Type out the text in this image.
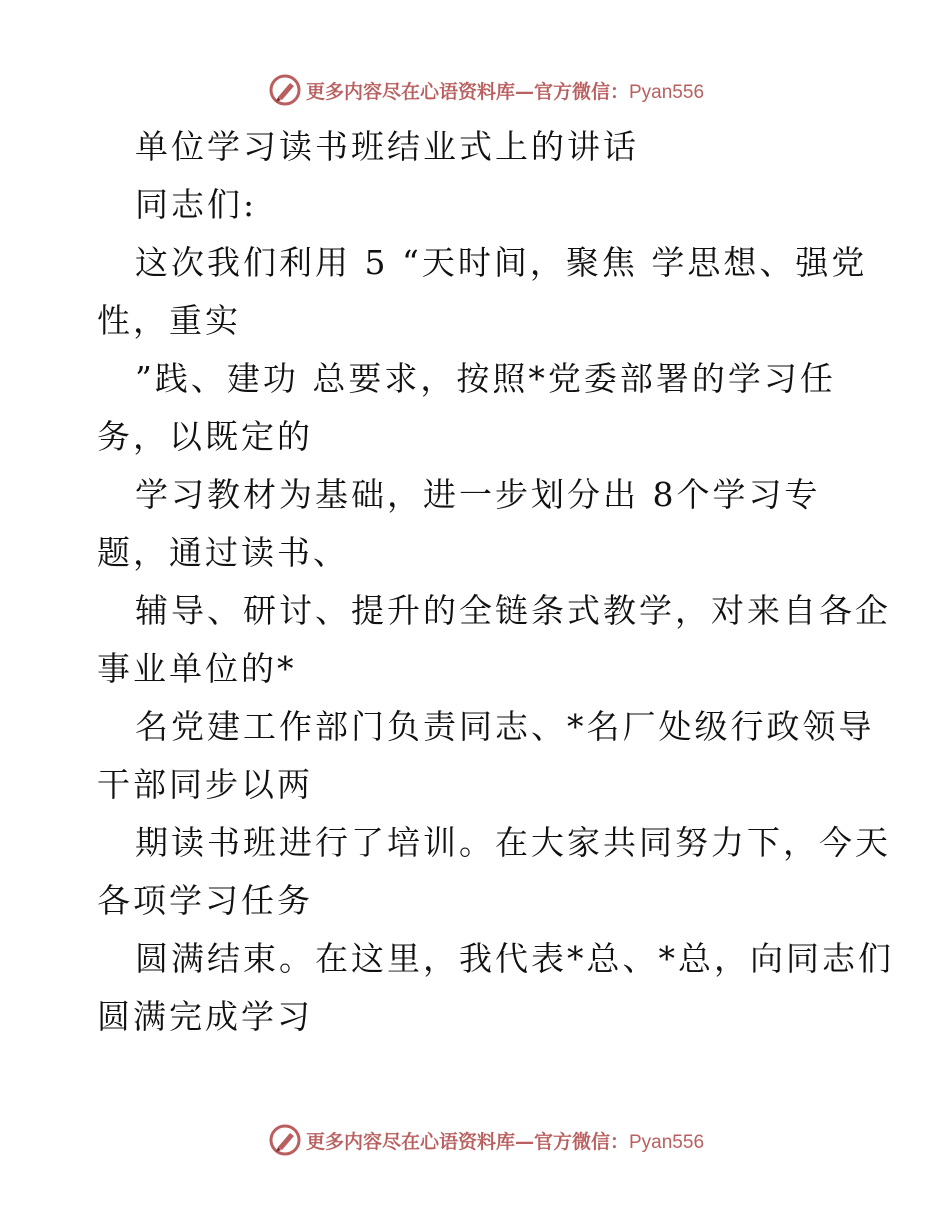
更多内容尽在心语资料库—官方微信：Pyan556
单位学习读书班结业式上的讲话
同志们:
这次我们利用 5 “天时间，聚焦 学思想、强党
性，重实
”践、建功 总要求，按照*党委部署的学习任
务，以既定的
学习教材为基础，进一步划分出 8个学习专
题，通过读书、
辅导、研讨、提升的全链条式教学，对来自各企
事业单位的*
名党建工作部门负责同志、*名厂处级行政领导
干部同步以两
期读书班进行了培训。在大家共同努力下，今天
各项学习任务
圆满结束。在这里，我代表*总、*总，向同志们
圆满完成学习
更多内容尽在心语资料库—官方微信：Pyan556
